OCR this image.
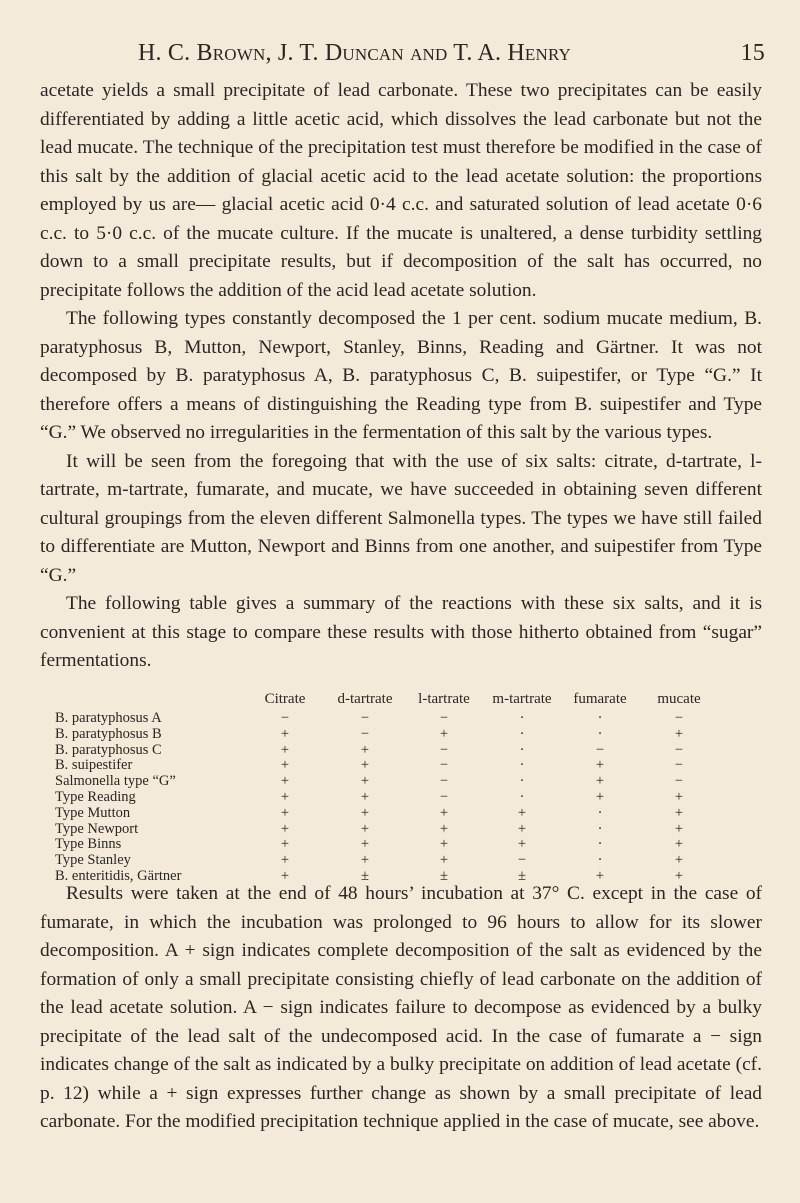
H. C. Brown, J. T. Duncan and T. A. Henry	15

acetate yields a small precipitate of lead carbonate. These two precipitates can be easily differentiated by adding a little acetic acid, which dissolves the lead carbonate but not the lead mucate. The technique of the precipitation test must therefore be modified in the case of this salt by the addition of glacial acetic acid to the lead acetate solution: the proportions employed by us are— glacial acetic acid 0·4 c.c. and saturated solution of lead acetate 0·6 c.c. to 5·0 c.c. of the mucate culture. If the mucate is unaltered, a dense turbidity settling down to a small precipitate results, but if decomposition of the salt has occurred, no precipitate follows the addition of the acid lead acetate solution.

The following types constantly decomposed the 1 per cent. sodium mucate medium, B. paratyphosus B, Mutton, Newport, Stanley, Binns, Reading and Gärtner. It was not decomposed by B. paratyphosus A, B. paratyphosus C, B. suipestifer, or Type “G.” It therefore offers a means of distinguishing the Reading type from B. suipestifer and Type “G.” We observed no irregularities in the fermentation of this salt by the various types.

It will be seen from the foregoing that with the use of six salts: citrate, d-tartrate, l-tartrate, m-tartrate, fumarate, and mucate, we have succeeded in obtaining seven different cultural groupings from the eleven different Salmonella types. The types we have still failed to differentiate are Mutton, Newport and Binns from one another, and suipestifer from Type “G.”

The following table gives a summary of the reactions with these six salts, and it is convenient at this stage to compare these results with those hitherto obtained from “sugar” fermentations.

	Citrate	d-tartrate	l-tartrate	m-tartrate	fumarate	mucate
B. paratyphosus A	−	−	−	·	·	−
B. paratyphosus B	+	−	+	·	·	+
B. paratyphosus C	+	+	−	·	−	−
B. suipestifer	+	+	−	·	+	−
Salmonella type “G”	+	+	−	·	+	−
Type Reading	+	+	−	·	+	+
Type Mutton	+	+	+	+	·	+
Type Newport	+	+	+	+	·	+
Type Binns	+	+	+	+	·	+
Type Stanley	+	+	+	−	·	+
B. enteritidis, Gärtner	+	±	±	±	+	+

Results were taken at the end of 48 hours’ incubation at 37° C. except in the case of fumarate, in which the incubation was prolonged to 96 hours to allow for its slower decomposition. A + sign indicates complete decomposition of the salt as evidenced by the formation of only a small precipitate consisting chiefly of lead carbonate on the addition of the lead acetate solution. A − sign indicates failure to decompose as evidenced by a bulky precipitate of the lead salt of the undecomposed acid. In the case of fumarate a − sign indicates change of the salt as indicated by a bulky precipitate on addition of lead acetate (cf. p. 12) while a + sign expresses further change as shown by a small precipitate of lead carbonate. For the modified precipitation technique applied in the case of mucate, see above.
